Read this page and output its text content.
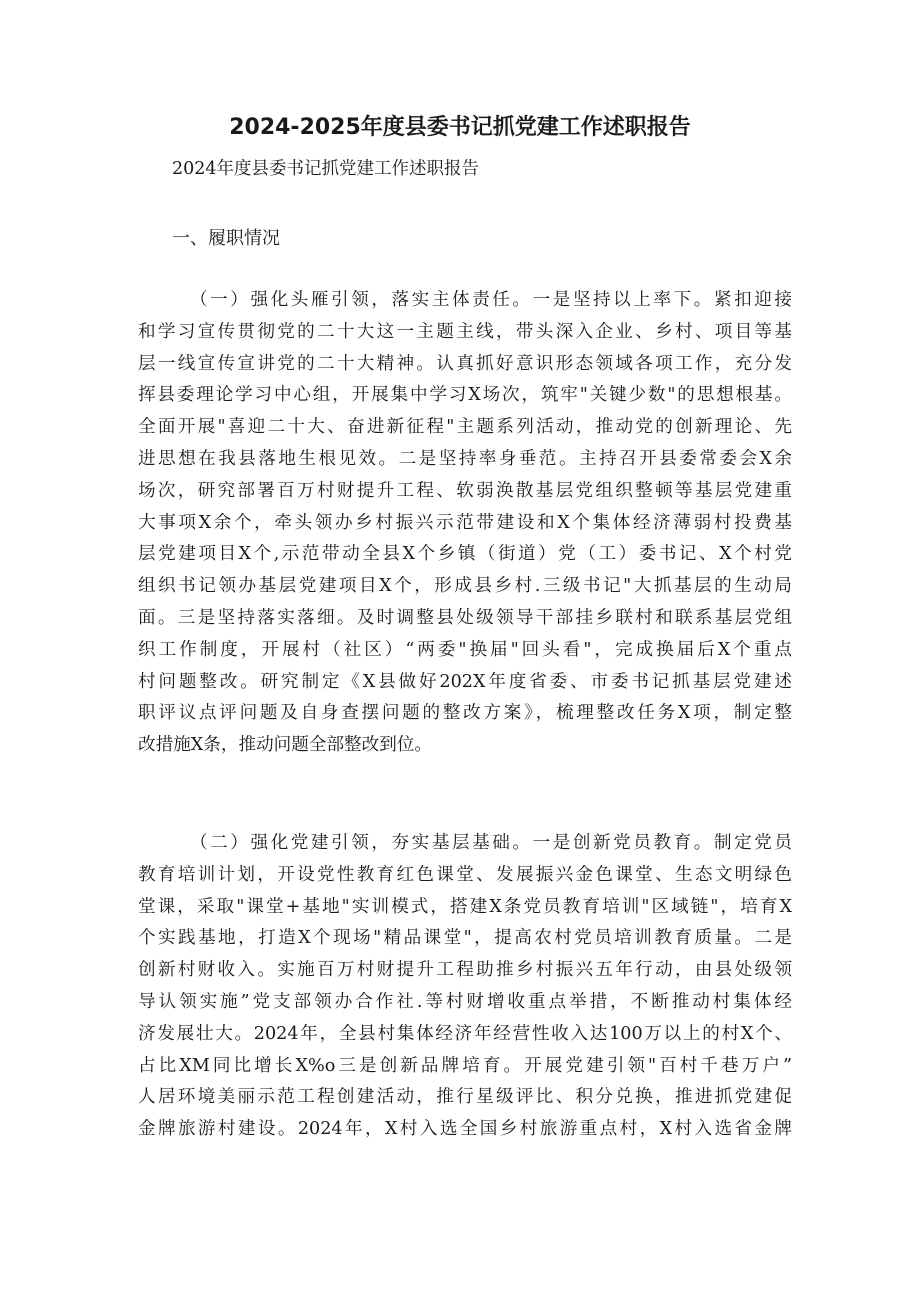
2024-2025年度县委书记抓党建工作述职报告
2024年度县委书记抓党建工作述职报告
一、履职情况
（一）强化头雁引领，落实主体责任。一是坚持以上率下。紧扣迎接
和学习宣传贯彻党的二十大这一主题主线，带头深入企业、乡村、项目等基
层一线宣传宣讲党的二十大精神。认真抓好意识形态领域各项工作，充分发
挥县委理论学习中心组，开展集中学习X场次，筑牢"关键少数"的思想根基。
全面开展"喜迎二十大、奋进新征程"主题系列活动，推动党的创新理论、先
进思想在我县落地生根见效。二是坚持率身垂范。主持召开县委常委会X余
场次，研究部署百万村财提升工程、软弱涣散基层党组织整顿等基层党建重
大事项X余个，牵头领办乡村振兴示范带建设和X个集体经济薄弱村投费基
层党建项目X个,示范带动全县X个乡镇（街道）党（工）委书记、X个村党
组织书记领办基层党建项目X个，形成县乡村.三级书记"大抓基层的生动局
面。三是坚持落实落细。及时调整县处级领导干部挂乡联村和联系基层党组
织工作制度，开展村（社区）“两委"换届"回头看"，完成换届后X个重点
村问题整改。研究制定《X县做好202X年度省委、市委书记抓基层党建述
职评议点评问题及自身查摆问题的整改方案》，梳理整改任务X项，制定整
改措施X条，推动问题全部整改到位。
（二）强化党建引领，夯实基层基础。一是创新党员教育。制定党员
教育培训计划，开设党性教育红色课堂、发展振兴金色课堂、生态文明绿色
堂课，采取"课堂+基地"实训模式，搭建X条党员教育培训"区域链"，培育X
个实践基地，打造X个现场"精品课堂"，提高农村党员培训教育质量。二是
创新村财收入。实施百万村财提升工程助推乡村振兴五年行动，由县处级领
导认领实施”党支部领办合作社.等村财增收重点举措，不断推动村集体经
济发展壮大。2024年，全县村集体经济年经营性收入达100万以上的村X个、
占比XM同比增长X%o三是创新品牌培育。开展党建引领"百村千巷万户”
人居环境美丽示范工程创建活动，推行星级评比、积分兑换，推进抓党建促
金牌旅游村建设。2024年，X村入选全国乡村旅游重点村，X村入选省金牌
